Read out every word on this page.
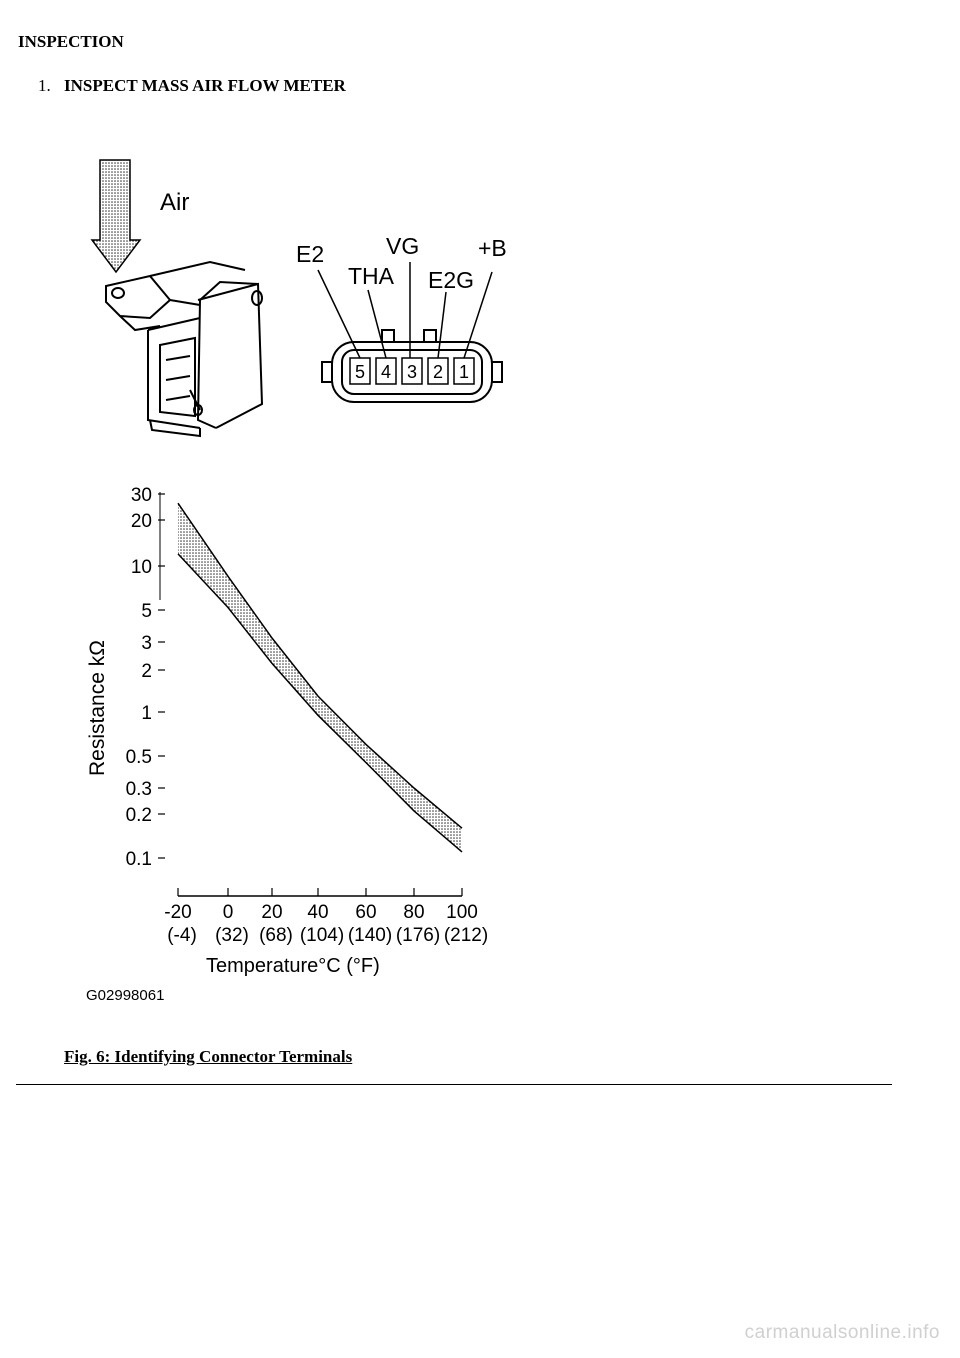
INSPECTION
1. INSPECT MASS AIR FLOW METER
Air
5 4 3 2 1
E2
THA
VG
E2G
+B
30
20
10
5
3
2
1
0.5
0.3
0.2
0.1
-20
(-4)
0
(32)
20
(68)
40
(104)
60
(140)
80
(176)
100
(212)
Resistance kΩ
Temperature°C (°F)
G02998061
Fig. 6: Identifying Connector Terminals
carmanualsonline.info
